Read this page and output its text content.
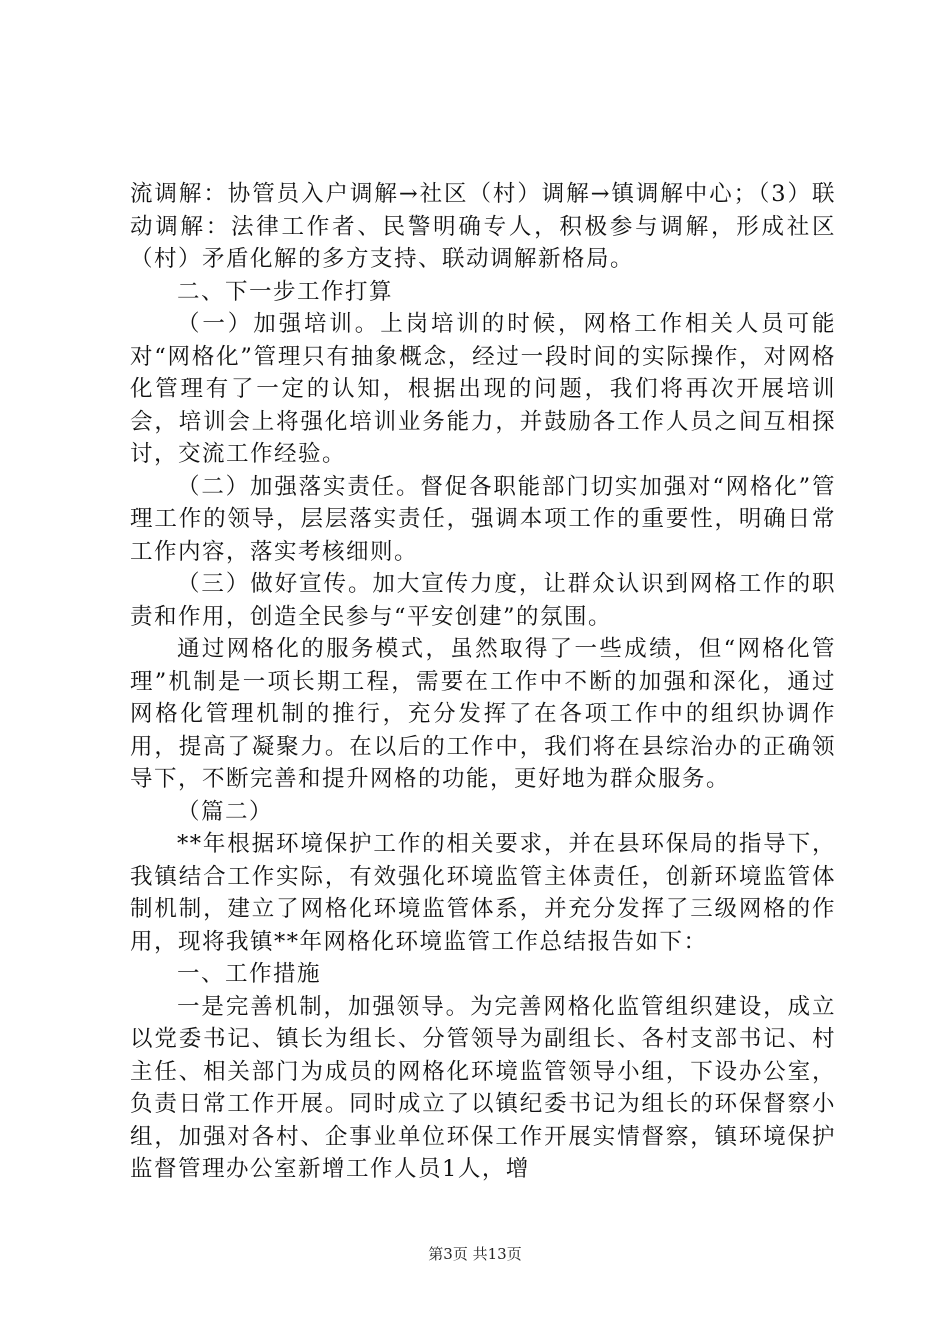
流调解：协管员入户调解→社区（村）调解→镇调解中心；（3）联动调解：法律工作者、民警明确专人，积极参与调解，形成社区（村）矛盾化解的多方支持、联动调解新格局。

二、下一步工作打算

（一）加强培训。上岗培训的时候，网格工作相关人员可能对“网格化”管理只有抽象概念，经过一段时间的实际操作，对网格化管理有了一定的认知，根据出现的问题，我们将再次开展培训会，培训会上将强化培训业务能力，并鼓励各工作人员之间互相探讨，交流工作经验。

（二）加强落实责任。督促各职能部门切实加强对“网格化”管理工作的领导，层层落实责任，强调本项工作的重要性，明确日常工作内容，落实考核细则。

（三）做好宣传。加大宣传力度，让群众认识到网格工作的职责和作用，创造全民参与“平安创建”的氛围。

通过网格化的服务模式，虽然取得了一些成绩，但“网格化管理”机制是一项长期工程，需要在工作中不断的加强和深化，通过网格化管理机制的推行，充分发挥了在各项工作中的组织协调作用，提高了凝聚力。在以后的工作中，我们将在县综治办的正确领导下，不断完善和提升网格的功能，更好地为群众服务。

（篇二）

**年根据环境保护工作的相关要求，并在县环保局的指导下，我镇结合工作实际，有效强化环境监管主体责任，创新环境监管体制机制，建立了网格化环境监管体系，并充分发挥了三级网格的作用，现将我镇**年网格化环境监管工作总结报告如下：

一、工作措施

一是完善机制，加强领导。为完善网格化监管组织建设，成立以党委书记、镇长为组长、分管领导为副组长、各村支部书记、村主任、相关部门为成员的网格化环境监管领导小组，下设办公室，负责日常工作开展。同时成立了以镇纪委书记为组长的环保督察小组，加强对各村、企事业单位环保工作开展实情督察，镇环境保护监督管理办公室新增工作人员1人，增

第3页 共13页
